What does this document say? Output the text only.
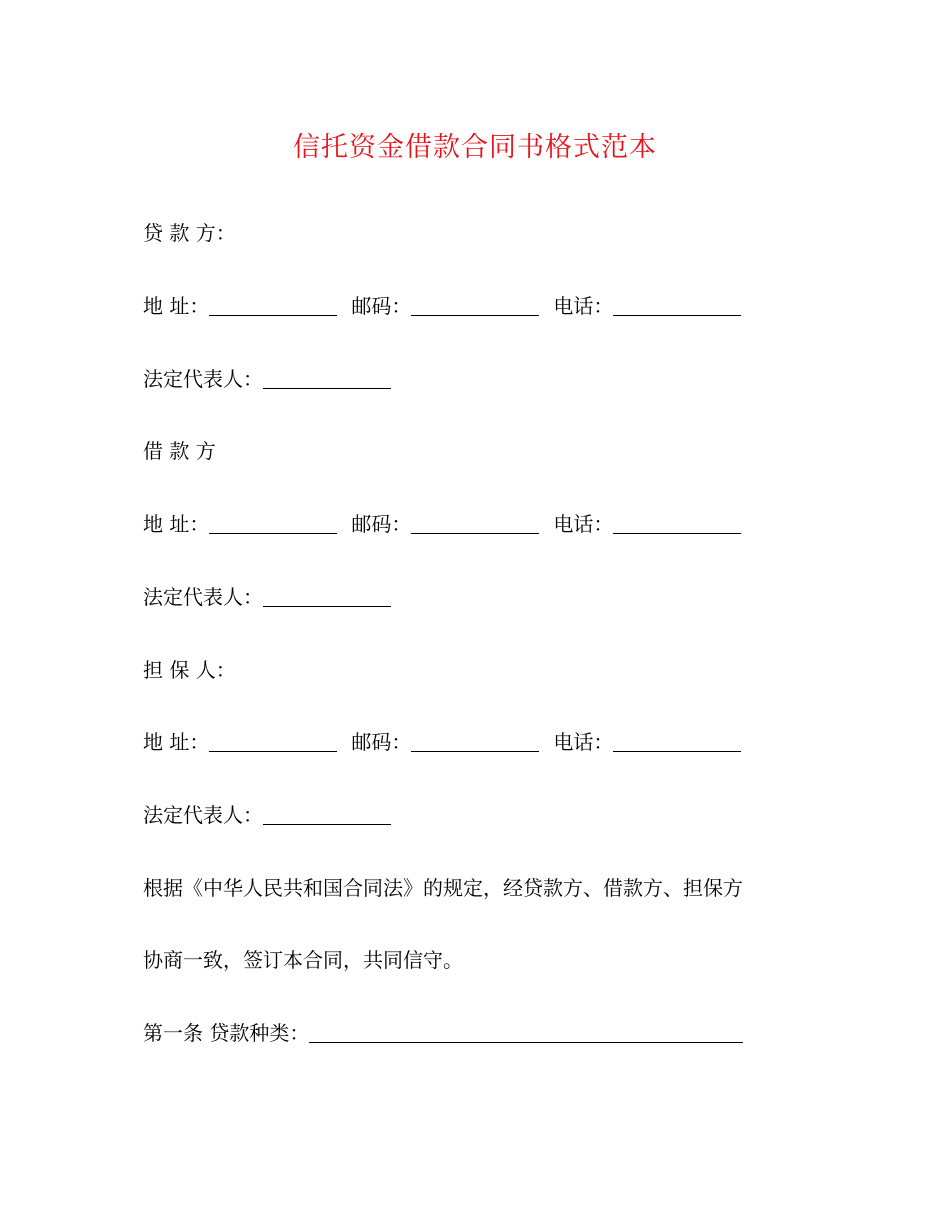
信托资金借款合同书格式范本
贷 款 方：
地 址：	邮码：	电话：
法定代表人：
借 款 方
地 址：	邮码：	电话：
法定代表人：
担 保 人：
地 址：	邮码：	电话：
法定代表人：
根据《中华人民共和国合同法》的规定，经贷款方、借款方、担保方
协商一致，签订本合同，共同信守。
第一条 贷款种类：
